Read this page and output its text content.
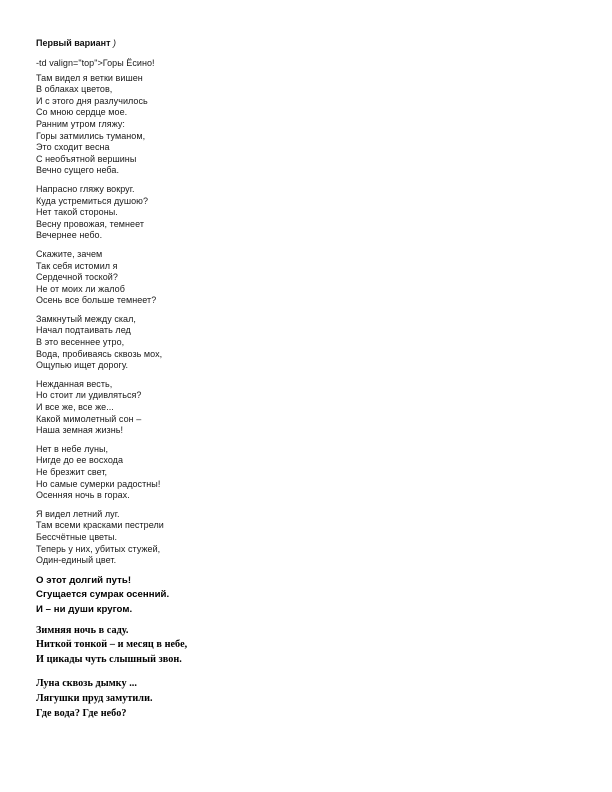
Первый вариант )
-td valign="top">Горы Ёсино!
Там видел я ветки вишен
В облаках цветов,
И с этого дня разлучилось
Со мною сердце мое.
Ранним утром гляжу:
Горы затмились туманом,
Это сходит весна
С необъятной вершины
Вечно сущего неба.
Напрасно гляжу вокруг.
Куда устремиться душою?
Нет такой стороны.
Весну провожая, темнеет
Вечернее небо.
Скажите, зачем
Так себя истомил я
Сердечной тоской?
Не от моих ли жалоб
Осень все больше темнеет?
Замкнутый между скал,
Начал подтаивать лед
В это весеннее утро,
Вода, пробиваясь сквозь мох,
Ощупью ищет дорогу.
Нежданная весть,
Но стоит ли удивляться?
И все же, все же...
Какой мимолетный сон –
Наша земная жизнь!
Нет в небе луны,
Нигде до ее восхода
Не брезжит свет,
Но самые сумерки радостны!
Осенняя ночь в горах.
Я видел летний луг.
Там всеми красками пестрели
Бессчётные цветы.
Теперь у них, убитых стужей,
Один-единый цвет.
О этот долгий путь!
Сгущается сумрак осенний.
И – ни души кругом.
Зимняя ночь в саду.
Ниткой тонкой – и месяц в небе,
И цикады чуть слышный звон.
Луна сквозь дымку ...
Лягушки пруд замутили.
Где вода? Где небо?
